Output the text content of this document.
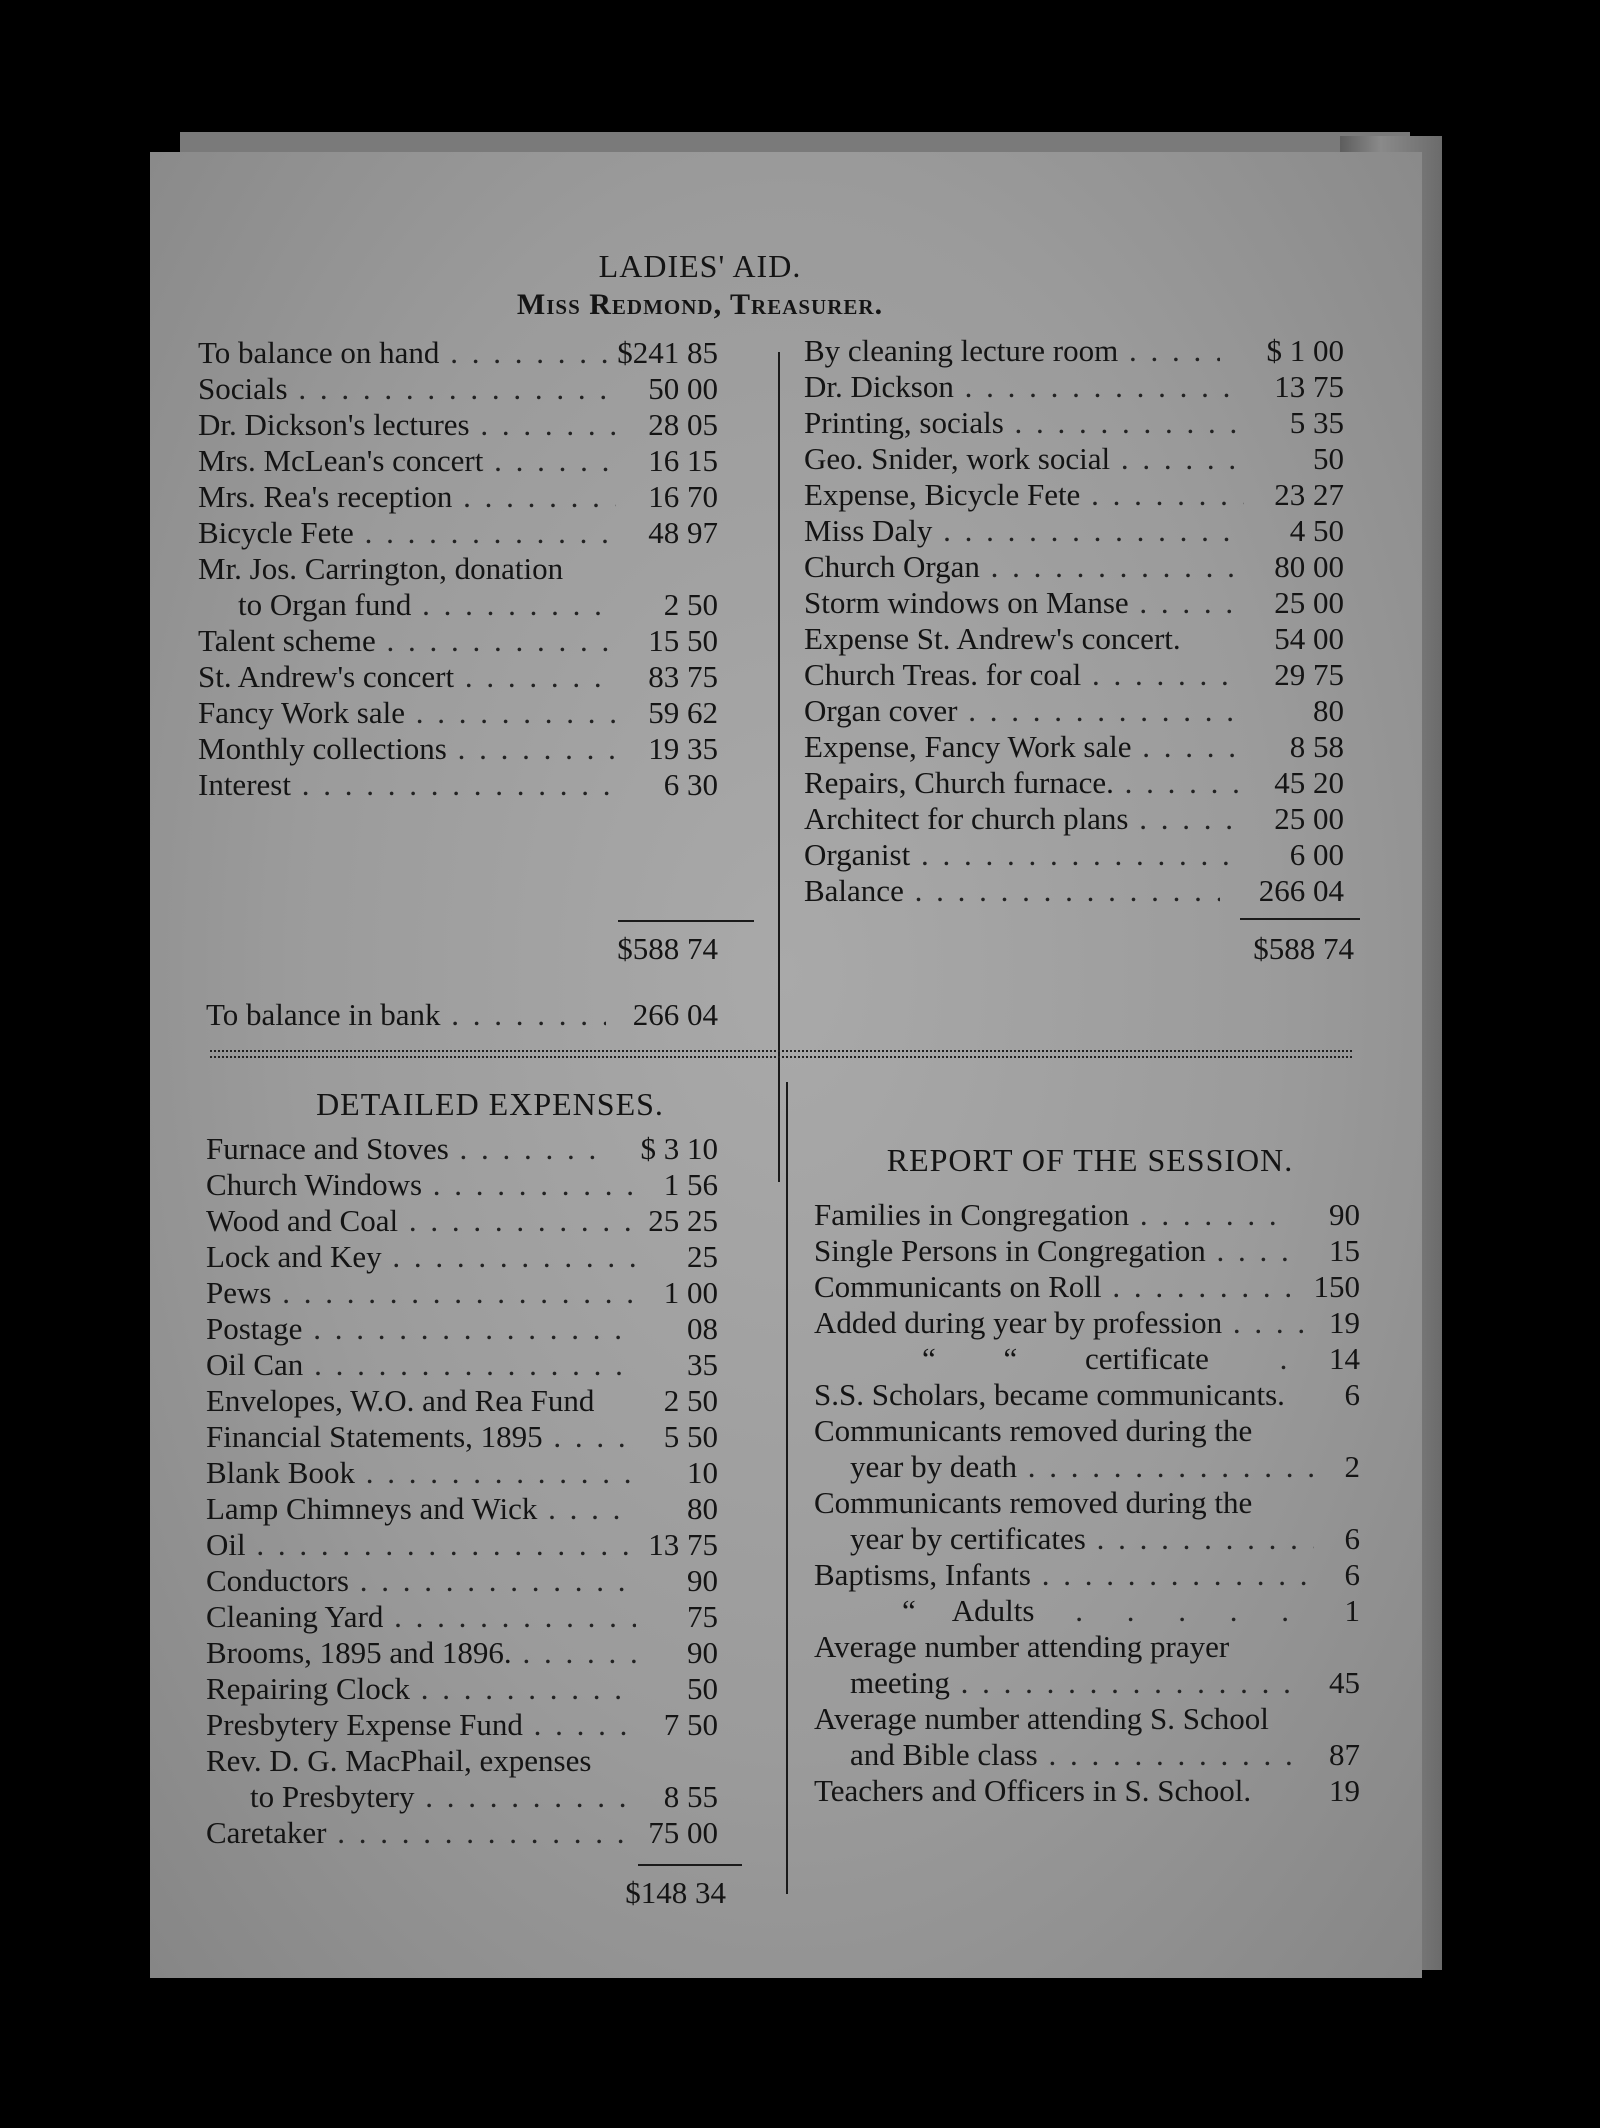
LADIES' AID.
Miss Redmond, Treasurer.
To balance on hand . . .	$241 85
Socials . . .	50 00
Dr. Dickson's lectures . . .	28 05
Mrs. McLean's concert . . .	16 15
Mrs. Rea's reception . . .	16 70
Bicycle Fete . . .	48 97
Mr. Jos. Carrington, donation
to Organ fund . . .	2 50
Talent scheme . . .	15 50
St. Andrew's concert . . .	83 75
Fancy Work sale . . .	59 62
Monthly collections . . .	19 35
Interest . . .	6 30
$588 74
To balance in bank . . .	266 04
By cleaning lecture room . . .	$ 1 00
Dr. Dickson . . .	13 75
Printing, socials . . .	5 35
Geo. Snider, work social . . .	50
Expense, Bicycle Fete . . .	23 27
Miss Daly . . .	4 50
Church Organ . . .	80 00
Storm windows on Manse . . .	25 00
Expense St. Andrew's concert.	54 00
Church Treas. for coal . . .	29 75
Organ cover . . .	80
Expense, Fancy Work sale . . .	8 58
Repairs, Church furnace. . . .	45 20
Architect for church plans . . .	25 00
Organist . . .	6 00
Balance . . .	266 04
$588 74
DETAILED EXPENSES.
Furnace and Stoves . . .	$ 3 10
Church Windows . . .	1 56
Wood and Coal . . .	25 25
Lock and Key . . .	25
Pews . . .	1 00
Postage . . .	08
Oil Can . . .	35
Envelopes, W.O. and Rea Fund	2 50
Financial Statements, 1895 . . .	5 50
Blank Book . . .	10
Lamp Chimneys and Wick . . .	80
Oil . . .	13 75
Conductors . . .	90
Cleaning Yard . . .	75
Brooms, 1895 and 1896. . . .	90
Repairing Clock . . .	50
Presbytery Expense Fund . . .	7 50
Rev. D. G. MacPhail, expenses
to Presbytery . . .	8 55
Caretaker . . .	75 00
$148 34
REPORT OF THE SESSION.
Families in Congregation . . .	90
Single Persons in Congregation . . .	15
Communicants on Roll . . .	150
Added during year by profession . . .	19
“ “ certificate . . .	14
S.S. Scholars, became communicants.	6
Communicants removed during the
year by death . . .	2
Communicants removed during the
year by certificates . . .	6
Baptisms, Infants . . .	6
“ Adults . . .	1
Average number attending prayer
meeting . . .	45
Average number attending S. School
and Bible class . . .	87
Teachers and Officers in S. School.	19
